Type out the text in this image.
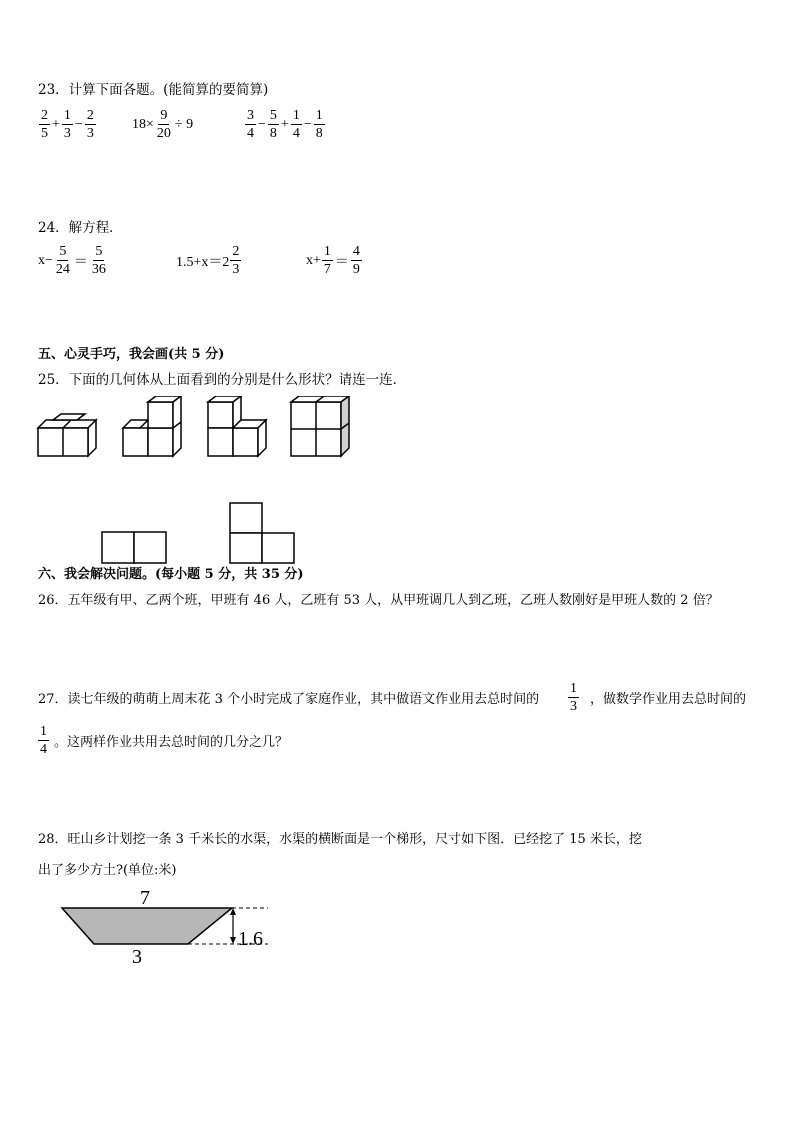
23．计算下面各题。(能简算的要简算)
$\frac{2}{5} + \frac{1}{3} - \frac{2}{3}$	$18\times \frac{9}{20} \div 9$	$\frac{3}{4} - \frac{5}{8} + \frac{1}{4} - \frac{1}{8}$
24．解方程．
$x- \frac{5}{24} = \frac{5}{36}$	$1.5+x=2 \frac{2}{3}$	$x+ \frac{1}{7} = \frac{4}{9}$
五、心灵手巧，我会画(共 5 分)
25．下面的几何体从上面看到的分别是什么形状？请连一连．
六、我会解决问题。(每小题 5 分，共 35 分)
26．五年级有甲、乙两个班，甲班有 46 人，乙班有 53 人，从甲班调几人到乙班，乙班人数刚好是甲班人数的 2 倍？
27．读七年级的萌萌上周末花 3 个小时完成了家庭作业，其中做语文作业用去总时间的 $\frac{1}{3}$ ，做数学作业用去总时间的
$\frac{1}{4}$ 。这两样作业共用去总时间的几分之几？
28．旺山乡计划挖一条 3 千米长的水渠，水渠的横断面是一个梯形，尺寸如下图．已经挖了 15 米长，挖
出了多少方土?(单位:米)
7
3
1.6
